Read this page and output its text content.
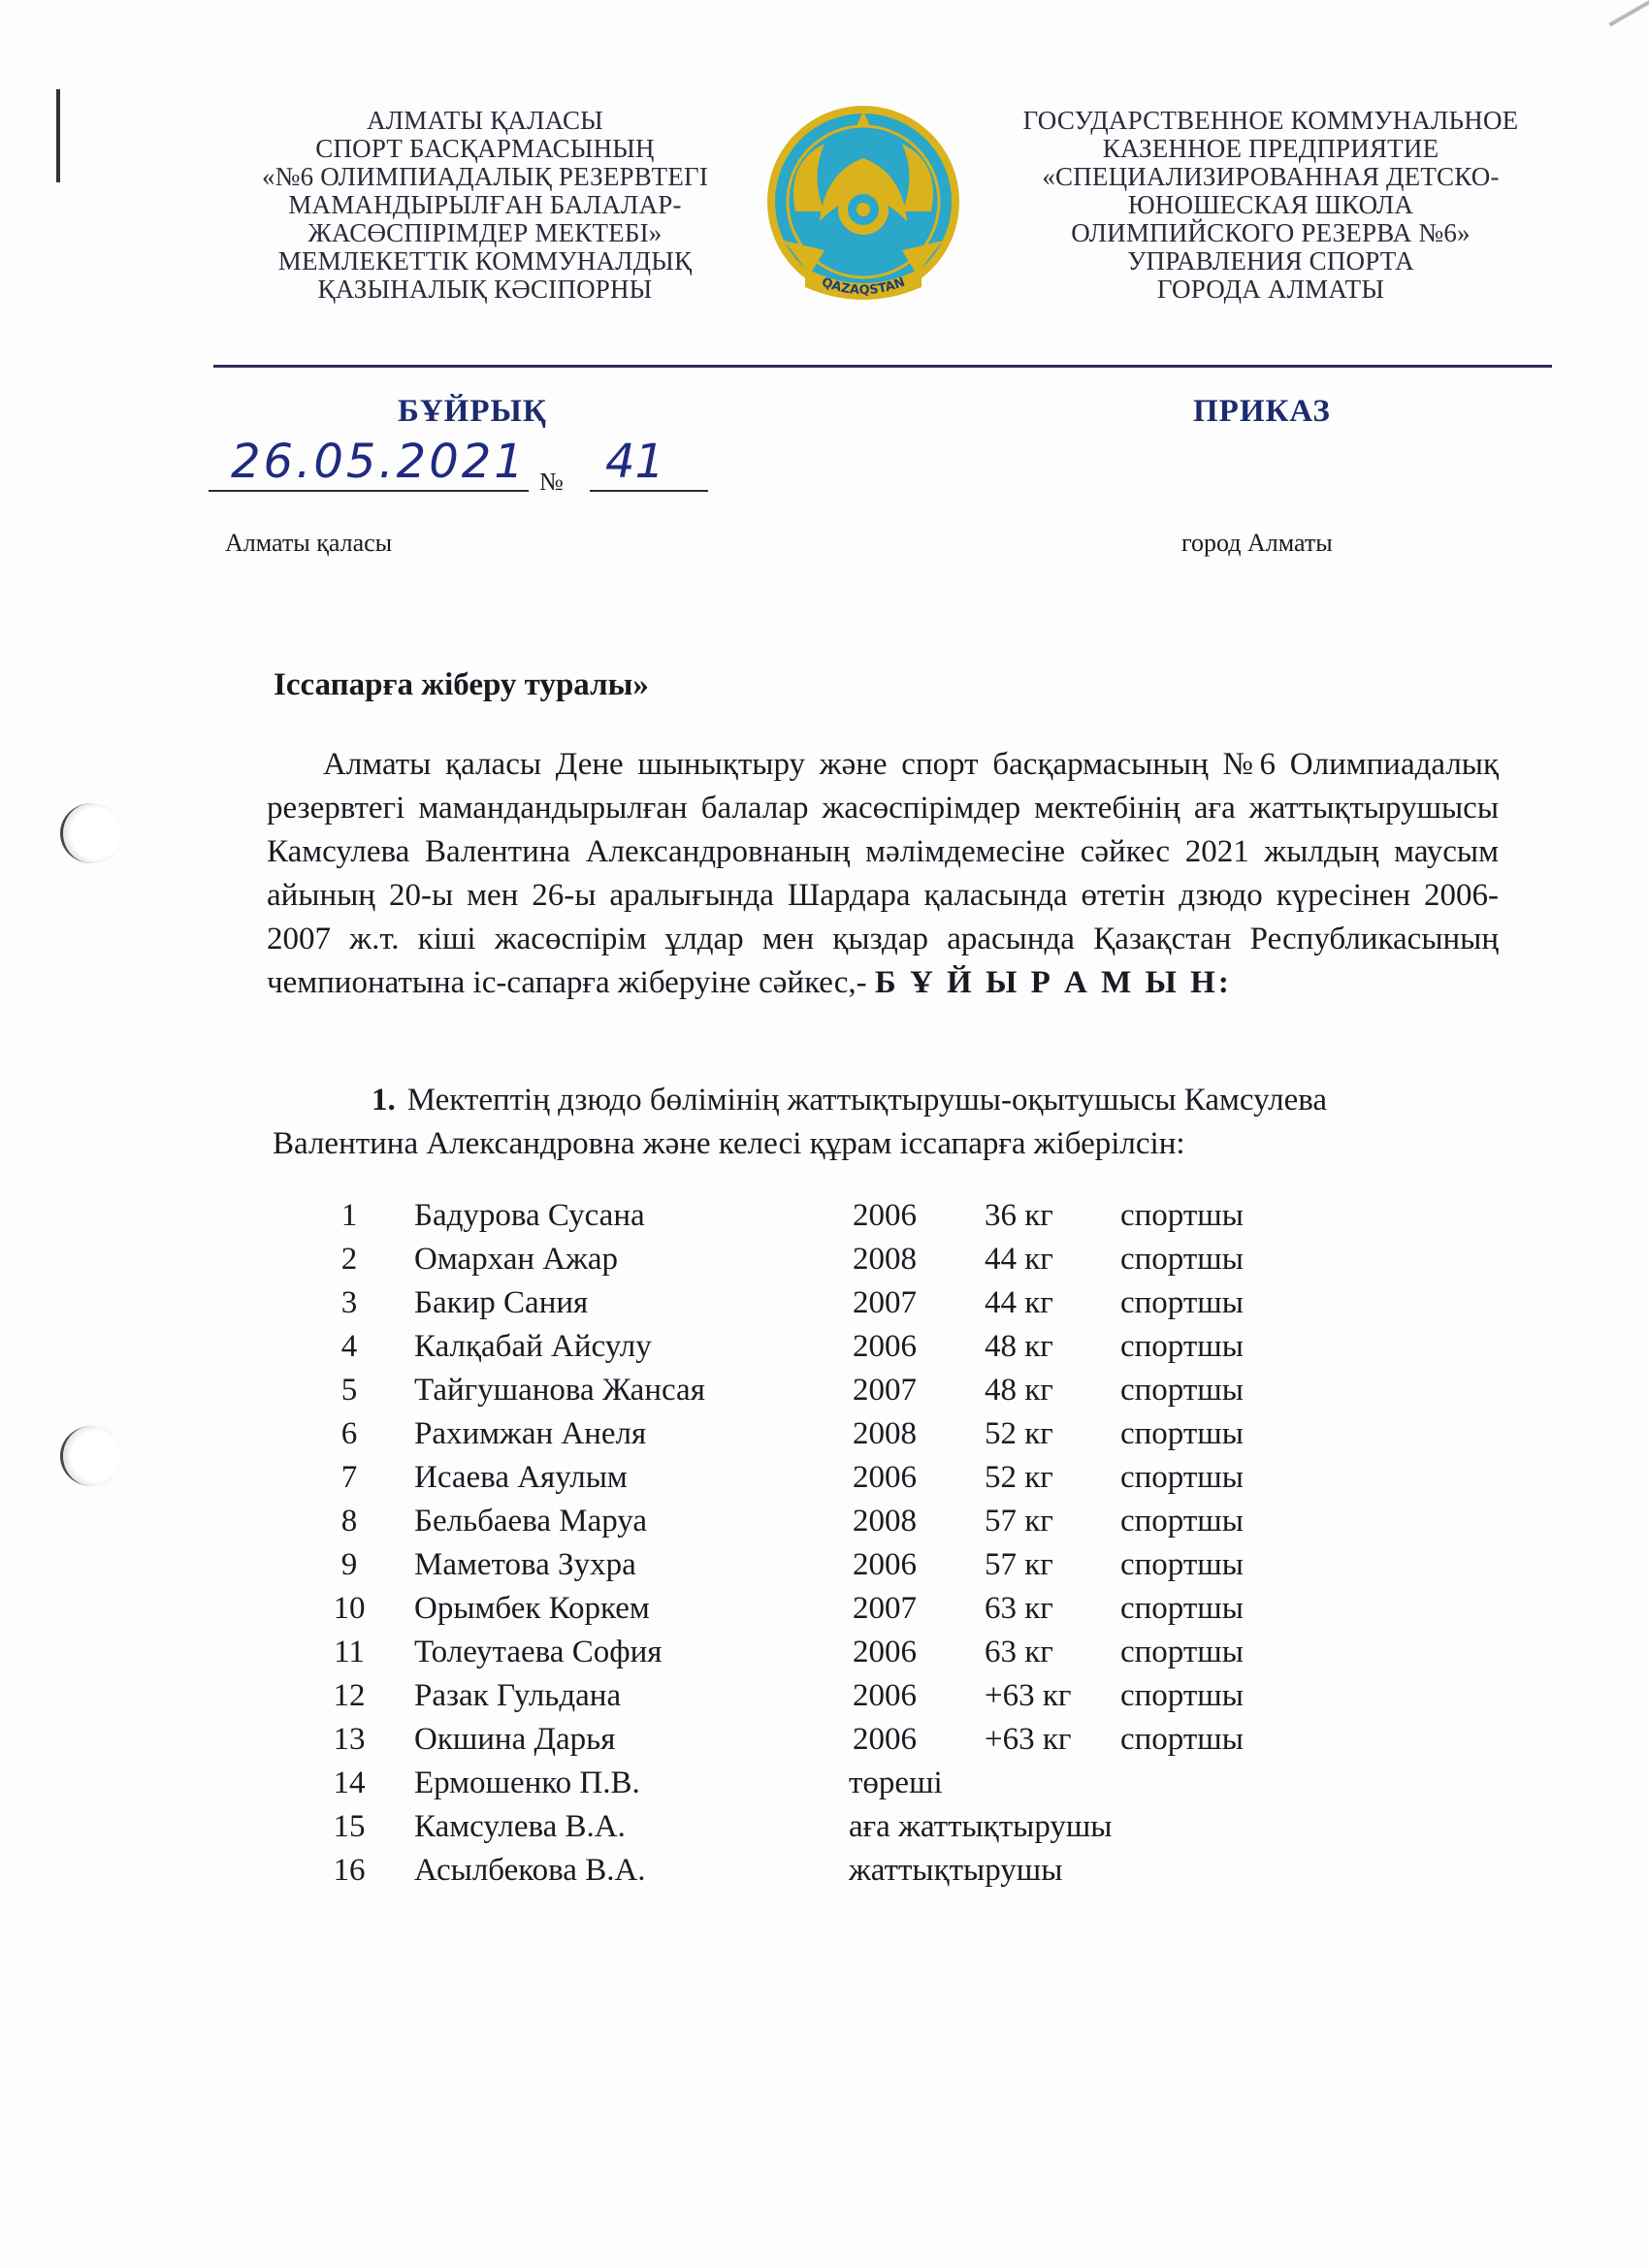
АЛМАТЫ ҚАЛАСЫ
СПОРТ БАСҚАРМАСЫНЫҢ
«№6 ОЛИМПИАДАЛЫҚ РЕЗЕРВТЕГІ
МАМАНДЫРЫЛҒАН БАЛАЛАР-
ЖАСӨСПІРІМДЕР МЕКТЕБІ»
МЕМЛЕКЕТТІК КОММУНАЛДЫҚ
ҚАЗЫНАЛЫҚ КӘСІПОРНЫ	QAZAQSTAN
ГОСУДАРСТВЕННОЕ КОММУНАЛЬНОЕ
КАЗЕННОЕ ПРЕДПРИЯТИЕ
«СПЕЦИАЛИЗИРОВАННАЯ ДЕТСКО-
ЮНОШЕСКАЯ ШКОЛА
ОЛИМПИЙСКОГО РЕЗЕРВА №6»
УПРАВЛЕНИЯ СПОРТА
ГОРОДА АЛМАТЫ
БҰЙРЫҚ	ПРИКАЗ
26.05.2021 № 41
Алматы қаласы	город Алматы
Іссапарға жіберу туралы»

Алматы қаласы Дене шынықтыру және спорт басқармасының №6 Олимпиадалық резервтегі мамандандырылған балалар жасөспірімдер мектебінің аға жаттықтырушысы Камсулева Валентина Александровнаның мәлімдемесіне сәйкес 2021 жылдың маусым айының 20-ы мен 26-ы аралығында Шардара қаласында өтетін дзюдо күресінен 2006-2007 ж.т. кіші жасөспірім ұлдар мен қыздар арасында Қазақстан Республикасының чемпионатына іс-сапарға жіберуіне сәйкес,- Б Ұ Й Ы Р А М Ы Н:

1. Мектептің дзюдо бөлімінің жаттықтырушы-оқытушысы Камсулева
Валентина Александровна және келесі құрам іссапарға жіберілсін:
1	Бадурова Сусана	2006 36 кг спортшы
2	Омархан Ажар	2008 44 кг спортшы
3	Бакир Сания	2007 44 кг спортшы
4	Калқабай Айсулу	2006 48 кг спортшы
5	Тайгушанова Жансая	2007 48 кг спортшы
6	Рахимжан Анеля	2008 52 кг спортшы
7	Исаева Аяулым	2006 52 кг спортшы
8	Бельбаева Маруа	2008 57 кг спортшы
9	Маметова Зухра	2006 57 кг спортшы
10 Орымбек Коркем	2007 63 кг спортшы
11 Толеутаева София	2006 63 кг спортшы
12 Разак Гульдана	2006 +63 кг спортшы
13 Окшина Дарья	2006 +63 кг спортшы
14 Ермошенко П.В.	төреші
15 Камсулева В.А.	аға жаттықтырушы
16 Асылбекова В.А.	жаттықтырушы
